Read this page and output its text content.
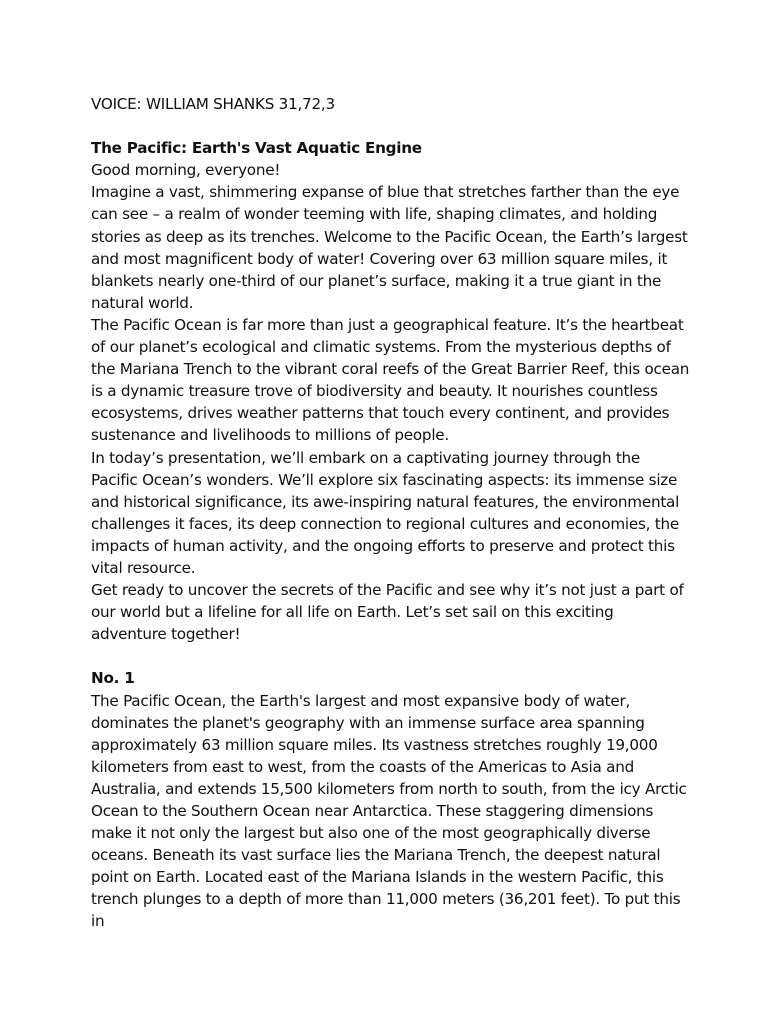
VOICE: WILLIAM SHANKS 31,72,3

The Pacific: Earth's Vast Aquatic Engine

Good morning, everyone!

Imagine a vast, shimmering expanse of blue that stretches farther than the eye can see – a realm of wonder teeming with life, shaping climates, and holding stories as deep as its trenches. Welcome to the Pacific Ocean, the Earth’s largest and most magnificent body of water! Covering over 63 million square miles, it blankets nearly one-third of our planet’s surface, making it a true giant in the natural world.

The Pacific Ocean is far more than just a geographical feature. It’s the heartbeat of our planet’s ecological and climatic systems. From the mysterious depths of the Mariana Trench to the vibrant coral reefs of the Great Barrier Reef, this ocean is a dynamic treasure trove of biodiversity and beauty. It nourishes countless ecosystems, drives weather patterns that touch every continent, and provides sustenance and livelihoods to millions of people.

In today’s presentation, we’ll embark on a captivating journey through the Pacific Ocean’s wonders. We’ll explore six fascinating aspects: its immense size and historical significance, its awe-inspiring natural features, the environmental challenges it faces, its deep connection to regional cultures and economies, the impacts of human activity, and the ongoing efforts to preserve and protect this vital resource.

Get ready to uncover the secrets of the Pacific and see why it’s not just a part of our world but a lifeline for all life on Earth. Let’s set sail on this exciting adventure together!

No. 1

The Pacific Ocean, the Earth's largest and most expansive body of water, dominates the planet's geography with an immense surface area spanning approximately 63 million square miles. Its vastness stretches roughly 19,000 kilometers from east to west, from the coasts of the Americas to Asia and Australia, and extends 15,500 kilometers from north to south, from the icy Arctic Ocean to the Southern Ocean near Antarctica. These staggering dimensions make it not only the largest but also one of the most geographically diverse oceans. Beneath its vast surface lies the Mariana Trench, the deepest natural point on Earth. Located east of the Mariana Islands in the western Pacific, this trench plunges to a depth of more than 11,000 meters (36,201 feet). To put this in
